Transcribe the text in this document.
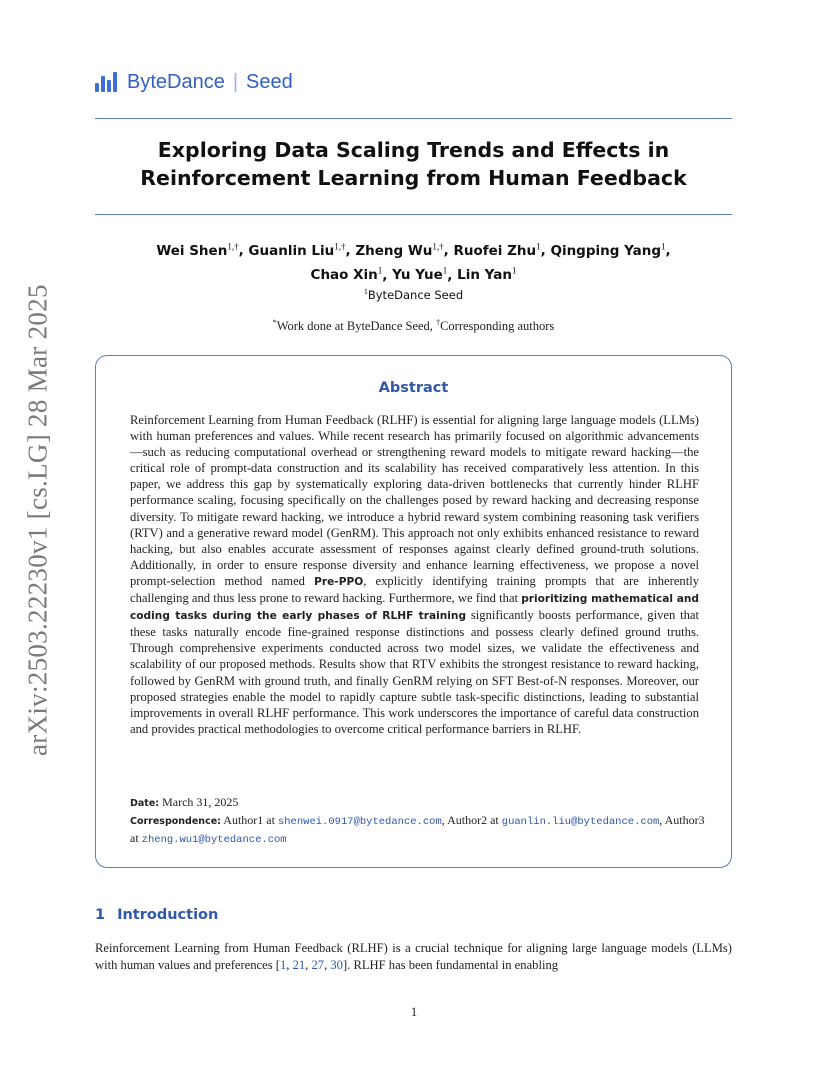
arXiv:2503.22230v1 [cs.LG] 28 Mar 2025
ByteDance | Seed
Exploring Data Scaling Trends and Effects in
Reinforcement Learning from Human Feedback
Wei Shen$^{1,\dagger}$, Guanlin Liu$^{1,\dagger}$, Zheng $Wu^{1,\dagger}$, Ruofei Zhu$^1$, Qingping Yang$^1$,
Chao Xin$^1$, Yu Yue$^1$, Lin Yan$^1$
$^1$ByteDance Seed
*Work done at ByteDance Seed, †Corresponding authors
Abstract
Reinforcement Learning from Human Feedback (RLHF) is essential for aligning large language models (LLMs) with human preferences and values. While recent research has primarily focused on algorithmic advancements—such as reducing computational overhead or strengthening reward models to mitigate reward hacking—the critical role of prompt-data construction and its scalability has received comparatively less attention. In this paper, we address this gap by systematically exploring data-driven bottlenecks that currently hinder RLHF performance scaling, focusing specifically on the challenges posed by reward hacking and decreasing response diversity. To mitigate reward hacking, we introduce a hybrid reward system combining reasoning task verifiers (RTV) and a generative reward model (GenRM). This approach not only exhibits enhanced resistance to reward hacking, but also enables accurate assessment of responses against clearly defined ground-truth solutions. Additionally, in order to ensure response diversity and enhance learning effectiveness, we propose a novel prompt-selection method named Pre-PPO, explicitly identifying training prompts that are inherently challenging and thus less prone to reward hacking. Furthermore, we find that prioritizing mathematical and coding tasks during the early phases of RLHF training significantly boosts performance, given that these tasks naturally encode fine-grained response distinctions and possess clearly defined ground truths. Through comprehensive experiments conducted across two model sizes, we validate the effectiveness and scalability of our proposed methods. Results show that RTV exhibits the strongest resistance to reward hacking, followed by GenRM with ground truth, and finally GenRM relying on SFT Best-of-N responses. Moreover, our proposed strategies enable the model to rapidly capture subtle task-specific distinctions, leading to substantial improvements in overall RLHF performance. This work underscores the importance of careful data construction and provides practical methodologies to overcome critical performance barriers in RLHF.
Date: March 31, 2025
Correspondence: Author1 at shenwei.0917@bytedance.com, Author2 at guanlin.liu@bytedance.com, Author3 at zheng.wu1@bytedance.com
1 Introduction
Reinforcement Learning from Human Feedback (RLHF) is a crucial technique for aligning large language models (LLMs) with human values and preferences [1, 21, 27, 30]. RLHF has been fundamental in enabling
1
